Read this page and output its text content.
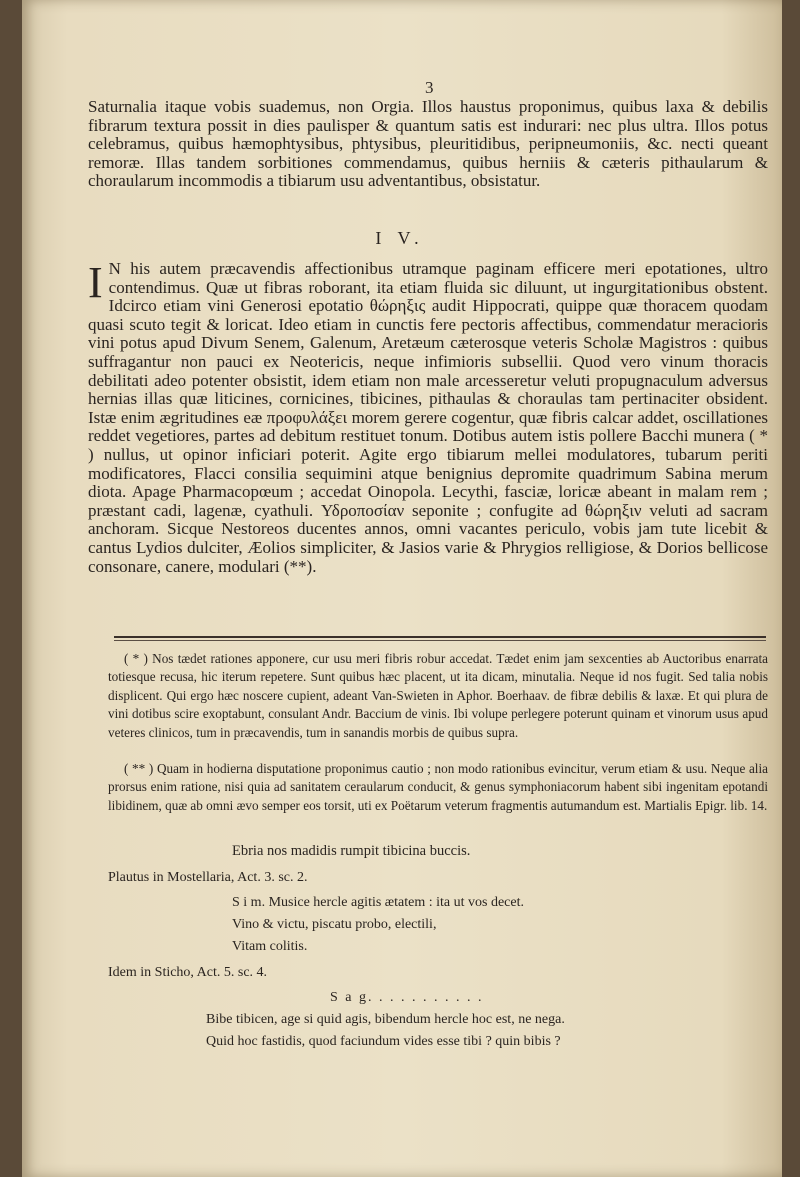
3

Saturnalia itaque vobis suademus, non Orgia. Illos haustus proponimus, quibus laxa & debilis fibrarum textura possit in dies paulisper & quantum satis est indurari: nec plus ultra. Illos potus celebramus, quibus hæmophtysibus, phtysibus, pleuritidibus, peripneumoniis, &c. necti queant remoræ. Illas tandem sorbitiones commendamus, quibus herniis & cæteris pithaularum & choraularum incommodis a tibiarum usu adventantibus, obsistatur.

I V.
I N his autem præcavendis affectionibus utramque paginam efficere meri epotationes, ultro contendimus. Quæ ut fibras roborant, ita etiam fluida sic diluunt, ut ingurgitationibus obstent. Idcirco etiam vini Generosi epotatio θώρηξις audit Hippocrati, quippe quæ thoracem quodam quasi scuto tegit & loricat. Ideo etiam in cunctis fere pectoris affectibus, commendatur meracioris vini potus apud Divum Senem, Galenum, Aretæum cæterosque veteris Scholæ Magistros : quibus suffragantur non pauci ex Neotericis, neque infimioris subsellii. Quod vero vinum thoracis debilitati adeo potenter obsistit, idem etiam non male arcesseretur veluti propugnaculum adversus hernias illas quæ liticines, cornicines, tibicines, pithaulas & choraulas tam pertinaciter obsident. Istæ enim ægritudines eæ προφυλάξει morem gerere cogentur, quæ fibris calcar addet, oscillationes reddet vegetiores, partes ad debitum restituet tonum. Dotibus autem istis pollere Bacchi munera ( * ) nullus, ut opinor inficiari poterit. Agite ergo tibiarum mellei modulatores, tubarum periti modificatores, Flacci consilia sequimini atque benignius depromite quadrimum Sabina merum diota. Apage Pharmacopœum ; accedat Oinopola. Lecythi, fasciæ, loricæ abeant in malam rem ; præstant cadi, lagenæ, cyathuli. Υδροποσίαν seponite ; confugite ad θώρηξιν veluti ad sacram anchoram. Sicque Nestoreos ducentes annos, omni vacantes periculo, vobis jam tute licebit & cantus Lydios dulciter, Æolios simpliciter, & Jasios varie & Phrygios relligiose, & Dorios bellicose consonare, canere, modulari (**).

( * ) Nos tædet rationes apponere, cur usu meri fibris robur accedat. Tædet enim jam sexcenties ab Auctoribus enarrata totiesque recusa, hic iterum repetere. Sunt quibus hæc placent, ut ita dicam, minutalia. Neque id nos fugit. Sed talia nobis displicent. Qui ergo hæc noscere cupient, adeant Van-Swieten in Aphor. Boerhaav. de fibræ debilis & laxæ. Et qui plura de vini dotibus scire exoptabunt, consulant Andr. Baccium de vinis. Ibi volupe perlegere poterunt quinam et vinorum usus apud veteres clinicos, tum in præcavendis, tum in sanandis morbis de quibus supra.

( ** ) Quam in hodierna disputatione proponimus cautio ; non modo rationibus evincitur, verum etiam & usu. Neque alia prorsus enim ratione, nisi quia ad sanitatem ceraularum conducit, & genus symphoniacorum habent sibi ingenitam epotandi libidinem, quæ ab omni ævo semper eos torsit, uti ex Poëtarum veterum fragmentis autumandum est. Martialis Epigr. lib. 14.

Ebria nos madidis rumpit tibicina buccis.
Plautus in Mostellaria, Act. 3. sc. 2.
S i m. Musice hercle agitis ætatem : ita ut vos decet.
Vino & victu, piscatu probo, electili,
Vitam colitis.
Idem in Sticho, Act. 5. sc. 4.
S a g. . . . . . . . . . .
Bibe tibicen, age si quid agis, bibendum hercle hoc est, ne nega.
Quid hoc fastidis, quod faciundum vides esse tibi ? quin bibis ?
